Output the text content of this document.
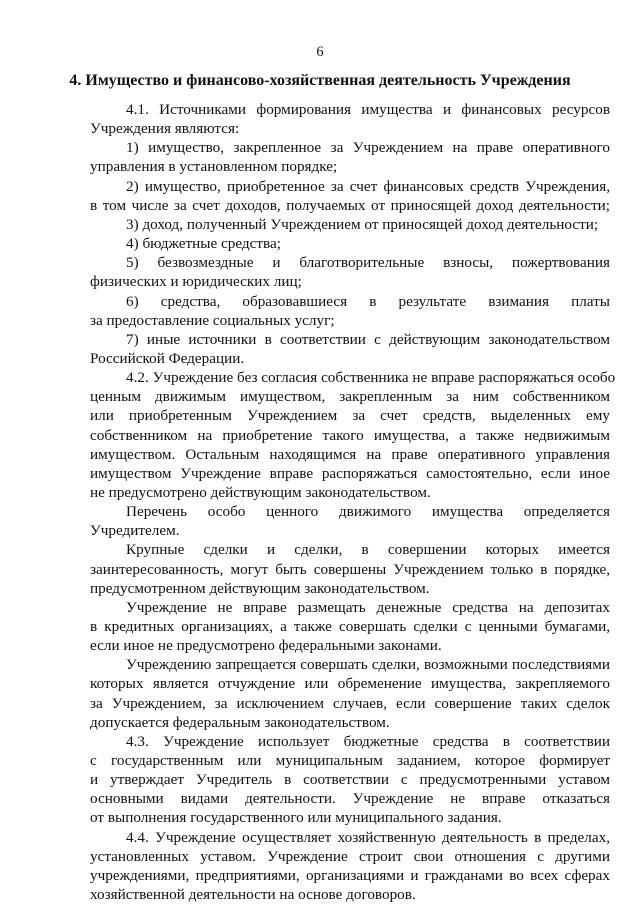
6
4. Имущество и финансово-хозяйственная деятельность Учреждения
4.1. Источниками формирования имущества и финансовых ресурсов
Учреждения являются:
1) имущество, закрепленное за Учреждением на праве оперативного
управления в установленном порядке;
2) имущество, приобретенное за счет финансовых средств Учреждения,
в том числе за счет доходов, получаемых от приносящей доход деятельности;
3) доход, полученный Учреждением от приносящей доход деятельности;
4) бюджетные средства;
5) безвозмездные и благотворительные взносы, пожертвования
физических и юридических лиц;
6) средства, образовавшиеся в результате взимания платы
за предоставление социальных услуг;
7) иные источники в соответствии с действующим законодательством
Российской Федерации.
4.2. Учреждение без согласия собственника не вправе распоряжаться особо
ценным движимым имуществом, закрепленным за ним собственником
или приобретенным Учреждением за счет средств, выделенных ему
собственником на приобретение такого имущества, а также недвижимым
имуществом. Остальным находящимся на праве оперативного управления
имуществом Учреждение вправе распоряжаться самостоятельно, если иное
не предусмотрено действующим законодательством.
Перечень особо ценного движимого имущества определяется
Учредителем.
Крупные сделки и сделки, в совершении которых имеется
заинтересованность, могут быть совершены Учреждением только в порядке,
предусмотренном действующим законодательством.
Учреждение не вправе размещать денежные средства на депозитах
в кредитных организациях, а также совершать сделки с ценными бумагами,
если иное не предусмотрено федеральными законами.
Учреждению запрещается совершать сделки, возможными последствиями
которых является отчуждение или обременение имущества, закрепляемого
за Учреждением, за исключением случаев, если совершение таких сделок
допускается федеральным законодательством.
4.3. Учреждение использует бюджетные средства в соответствии
с государственным или муниципальным заданием, которое формирует
и утверждает Учредитель в соответствии с предусмотренными уставом
основными видами деятельности. Учреждение не вправе отказаться
от выполнения государственного или муниципального задания.
4.4. Учреждение осуществляет хозяйственную деятельность в пределах,
установленных уставом. Учреждение строит свои отношения с другими
учреждениями, предприятиями, организациями и гражданами во всех сферах
хозяйственной деятельности на основе договоров.
